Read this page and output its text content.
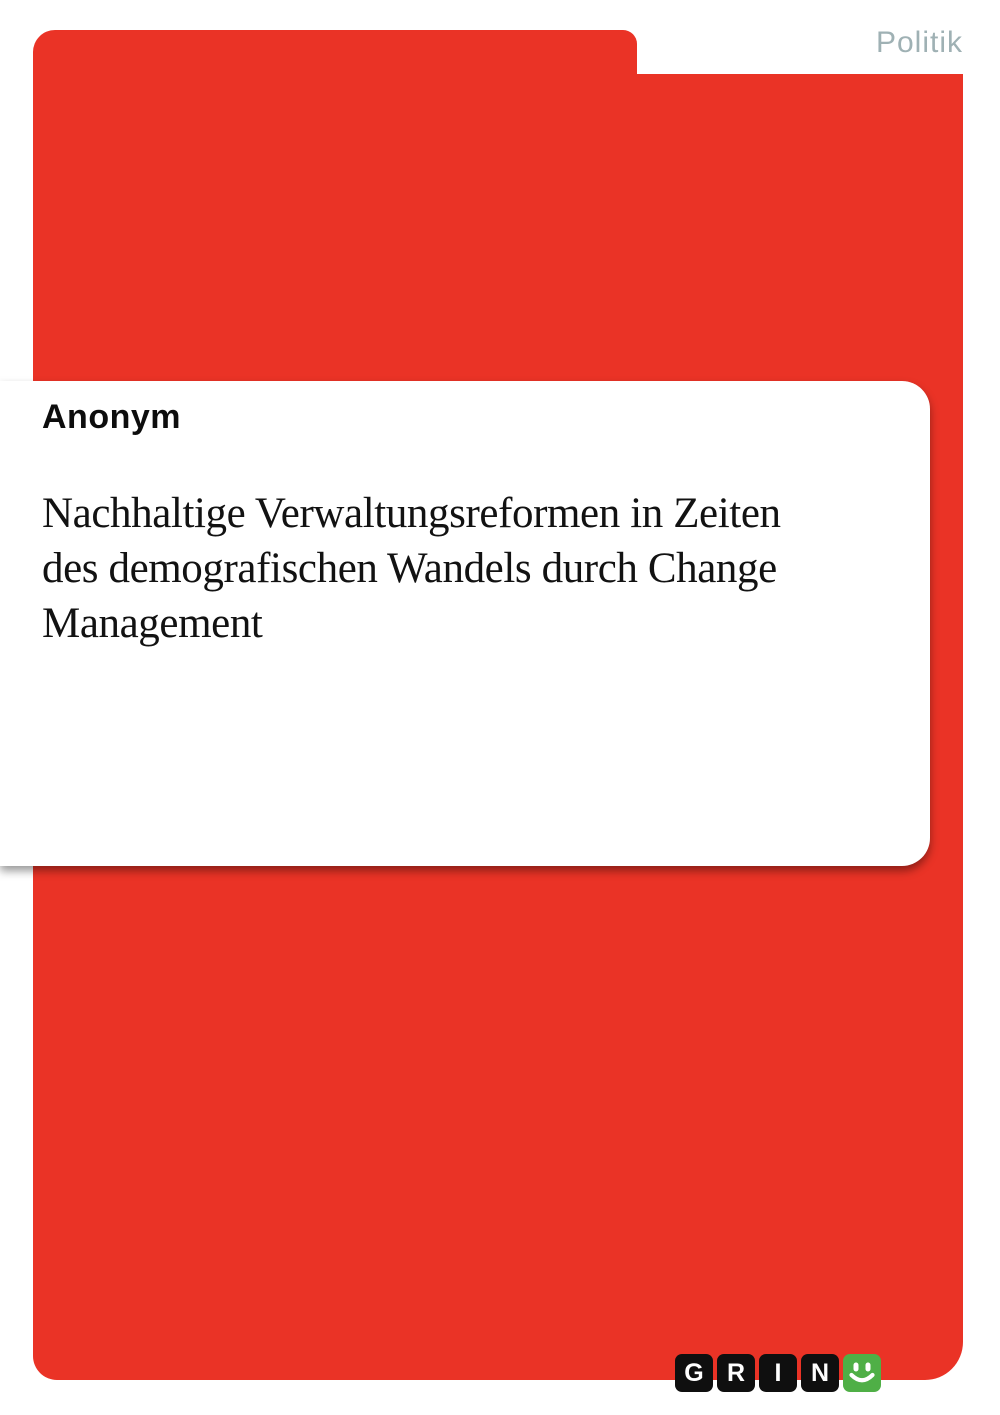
Politik
Anonym
Nachhaltige Verwaltungsreformen in Zeiten
des demografischen Wandels durch Change
Management
G R I N
